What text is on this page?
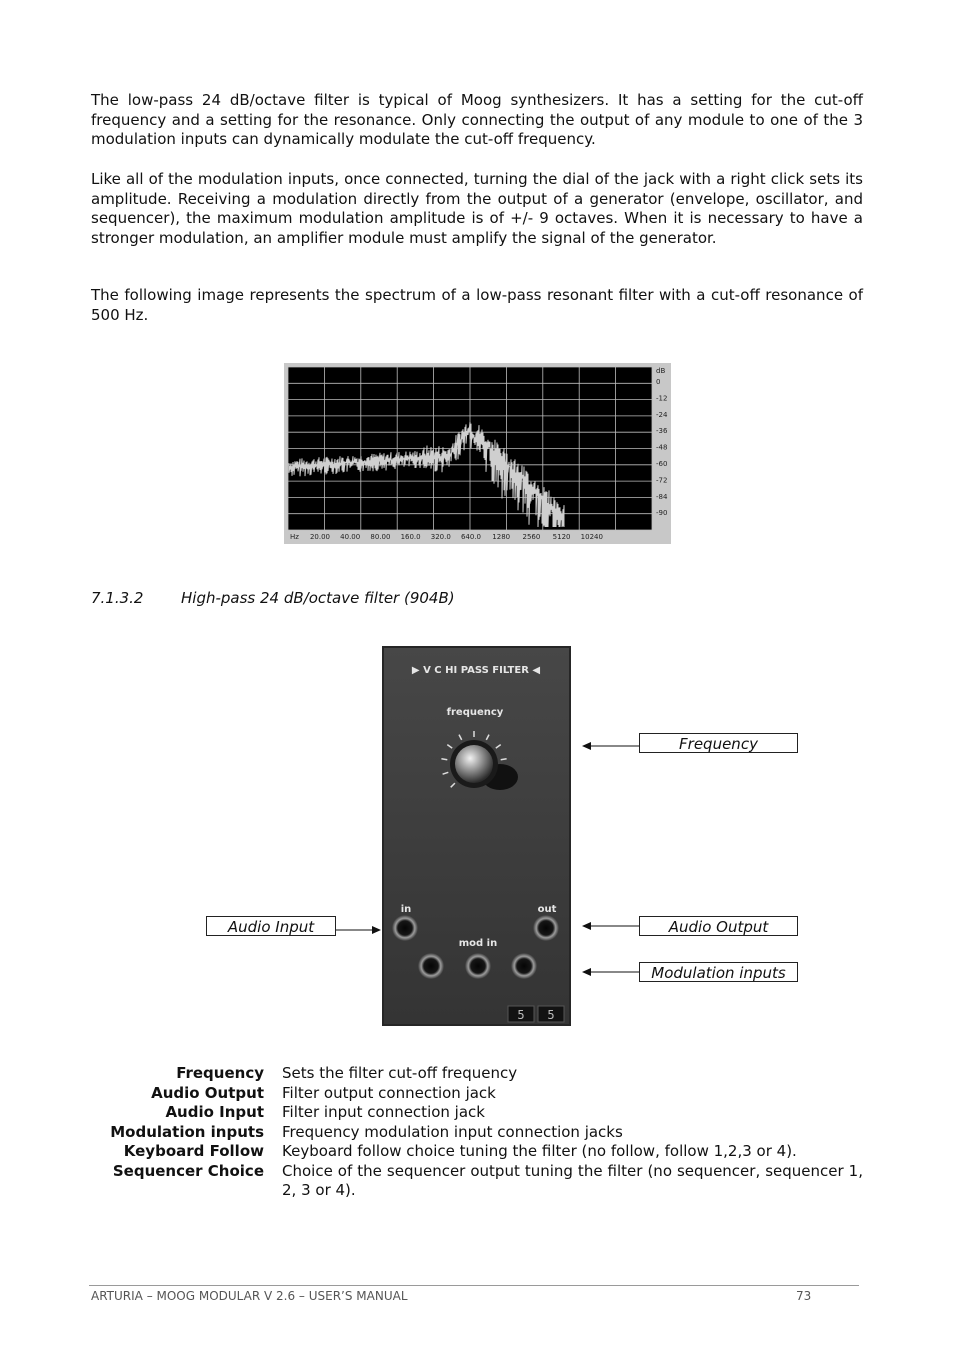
The low-pass 24 dB/octave filter is typical of Moog synthesizers. It has a setting for the cut-off frequency and a setting for the resonance. Only connecting the output of any module to one of the 3 modulation inputs can dynamically modulate the cut-off frequency.

Like all of the modulation inputs, once connected, turning the dial of the jack with a right click sets its amplitude. Receiving a modulation directly from the output of a generator (envelope, oscillator, and sequencer), the maximum modulation amplitude is of +/- 9 octaves. When it is necessary to have a stronger modulation, an amplifier module must amplify the signal of the generator.

The following image represents the spectrum of a low-pass resonant filter with a cut-off resonance of 500 Hz.

dB
0
-12
-24
-36
-48
-60
-72
-84
-90
Hz 20.00 40.00 80.00 160.0 320.0 640.0 1280 2560 5120 10240
7.1.3.2	High-pass 24 dB/octave filter (904B)
▶ V C HI PASS FILTER ◀
frequency
in	out
mod in
5 5
Frequency
Audio Input	Audio Output
Modulation inputs
Frequency	Sets the filter cut-off frequency
Audio Output	Filter output connection jack
Audio Input	Filter input connection jack
Modulation inputs	Frequency modulation input connection jacks
Keyboard Follow	Keyboard follow choice tuning the filter (no follow, follow 1,2,3 or 4).
Sequencer Choice	Choice of the sequencer output tuning the filter (no sequencer, sequencer 1, 2, 3 or 4).
ARTURIA – MOOG MODULAR V 2.6 – USER’S MANUAL	73
